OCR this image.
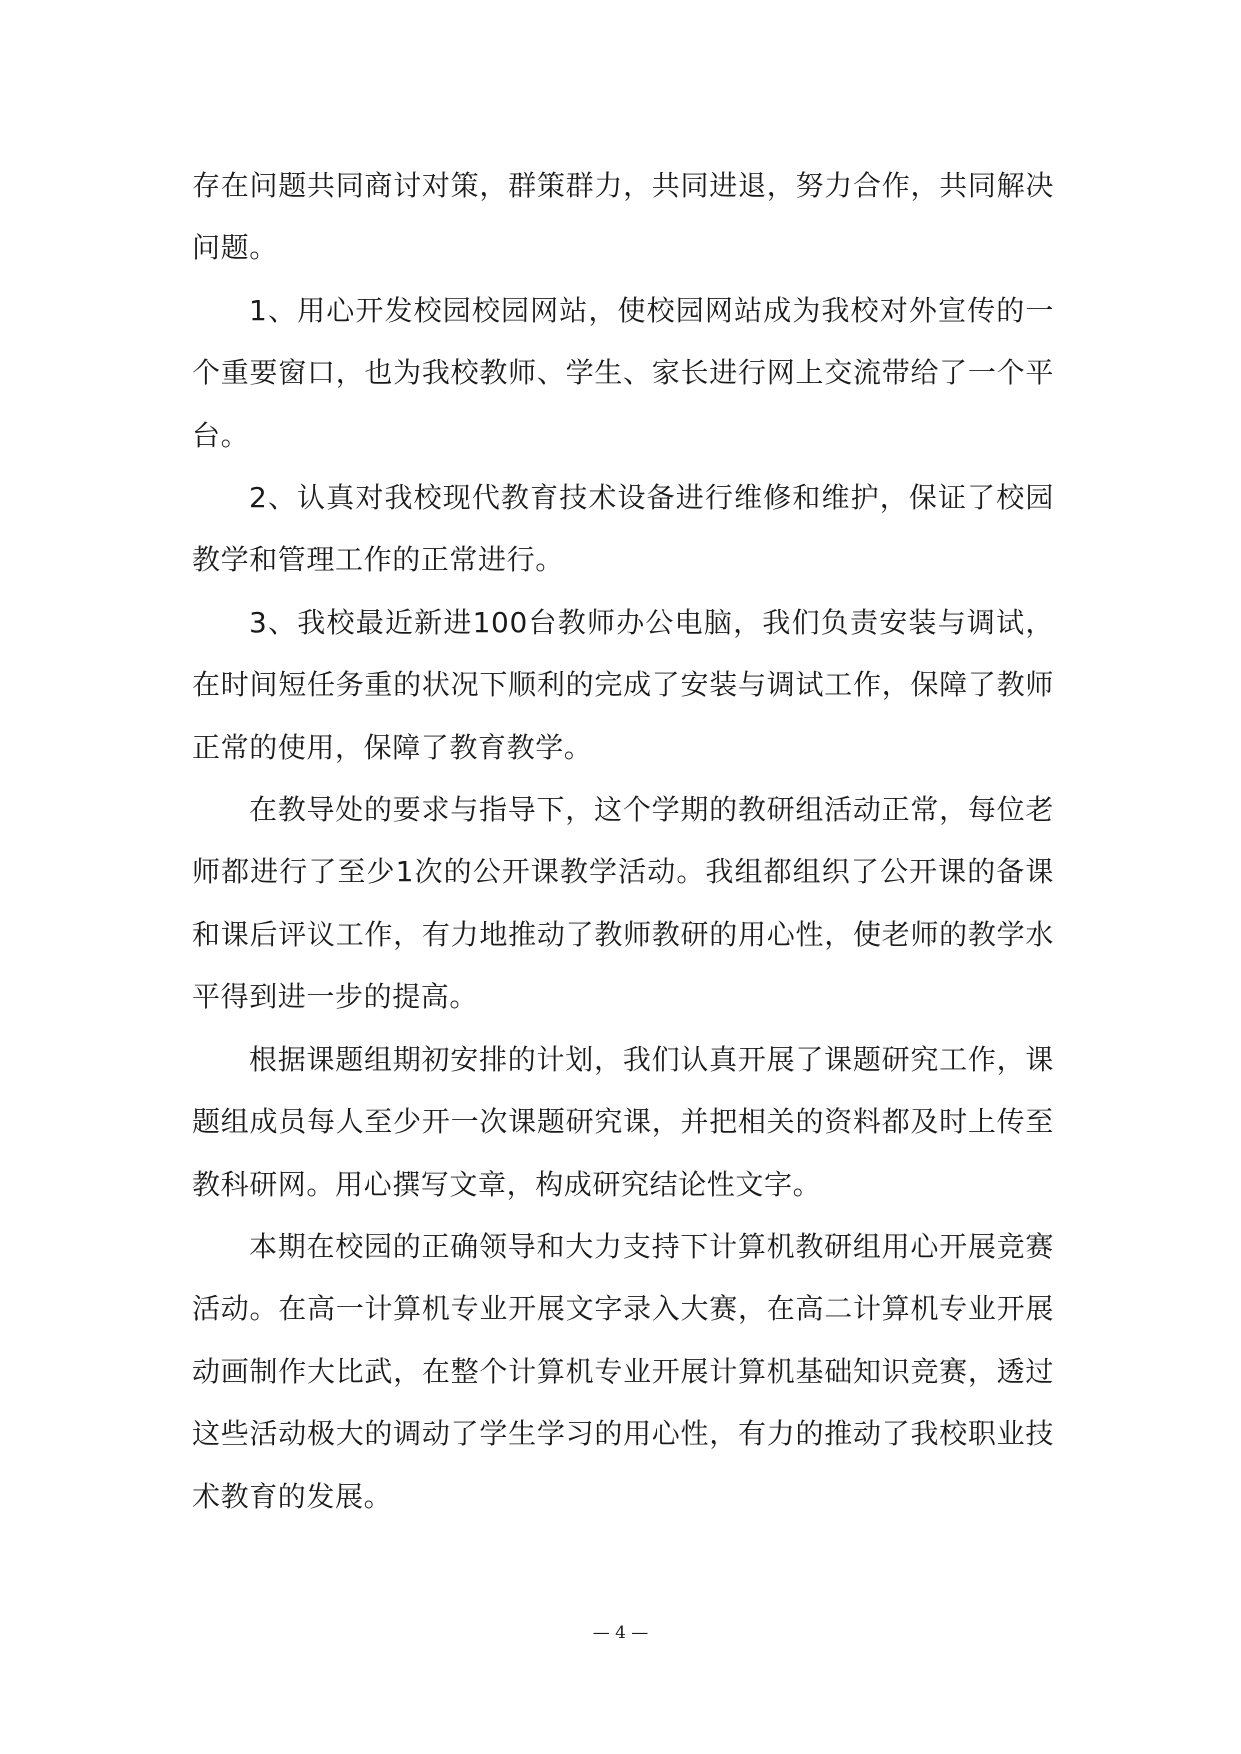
存在问题共同商讨对策，群策群力，共同进退，努力合作，共同解决问题。

1、用心开发校园校园网站，使校园网站成为我校对外宣传的一个重要窗口，也为我校教师、学生、家长进行网上交流带给了一个平台。

2、认真对我校现代教育技术设备进行维修和维护，保证了校园教学和管理工作的正常进行。

3、我校最近新进100台教师办公电脑，我们负责安装与调试，在时间短任务重的状况下顺利的完成了安装与调试工作，保障了教师正常的使用，保障了教育教学。

在教导处的要求与指导下，这个学期的教研组活动正常，每位老师都进行了至少1次的公开课教学活动。我组都组织了公开课的备课和课后评议工作，有力地推动了教师教研的用心性，使老师的教学水平得到进一步的提高。

根据课题组期初安排的计划，我们认真开展了课题研究工作，课题组成员每人至少开一次课题研究课，并把相关的资料都及时上传至教科研网。用心撰写文章，构成研究结论性文字。

本期在校园的正确领导和大力支持下计算机教研组用心开展竞赛活动。在高一计算机专业开展文字录入大赛，在高二计算机专业开展动画制作大比武，在整个计算机专业开展计算机基础知识竞赛，透过这些活动极大的调动了学生学习的用心性，有力的推动了我校职业技术教育的发展。

— 4 —
